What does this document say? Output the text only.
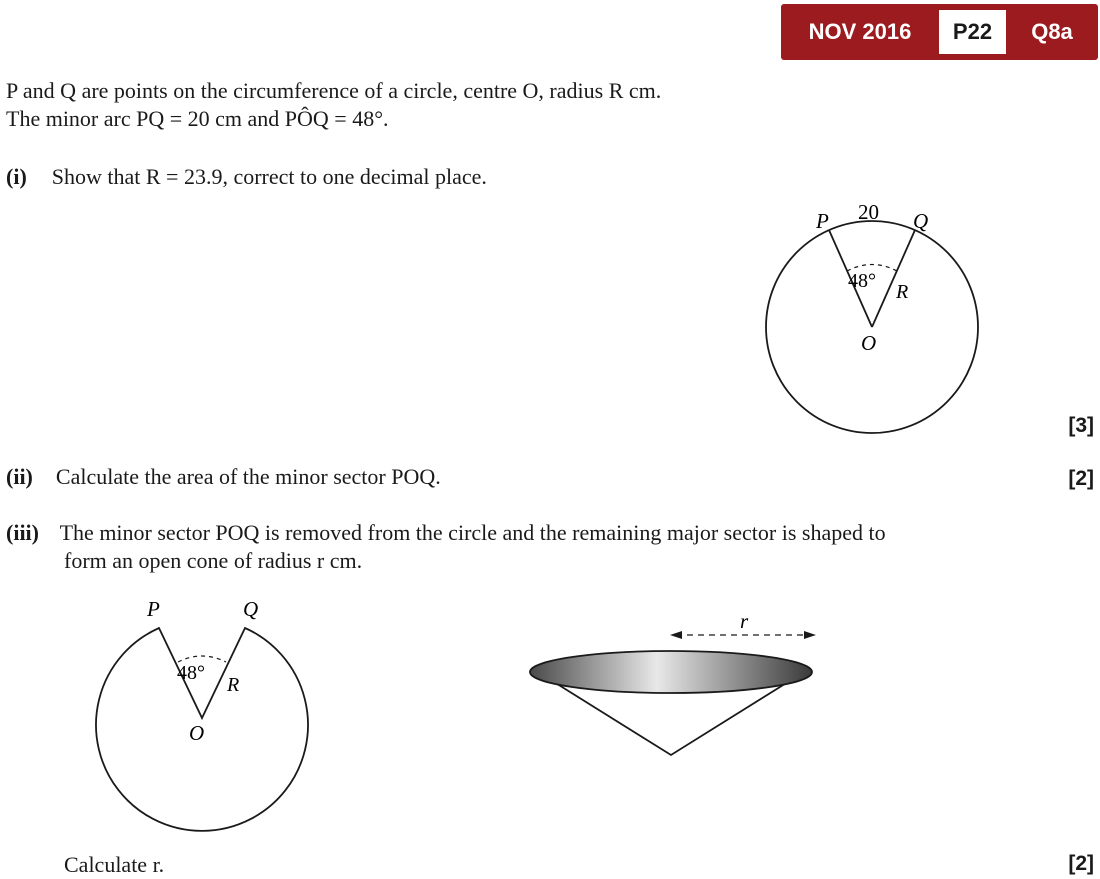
NOV 2016	P22	Q8a
P and Q are points on the circumference of a circle, centre O, radius R cm.
The minor arc PQ = 20 cm and PÔQ = 48°.
(i) Show that R = 23.9, correct to one decimal place.
P 20 Q
48° R
O
[3]
(ii) Calculate the area of the minor sector POQ.	[2]
(iii) The minor sector POQ is removed from the circle and the remaining major sector is shaped to
form an open cone of radius r cm.
P	Q
48°
R
O
r
Calculate r.	[2]
